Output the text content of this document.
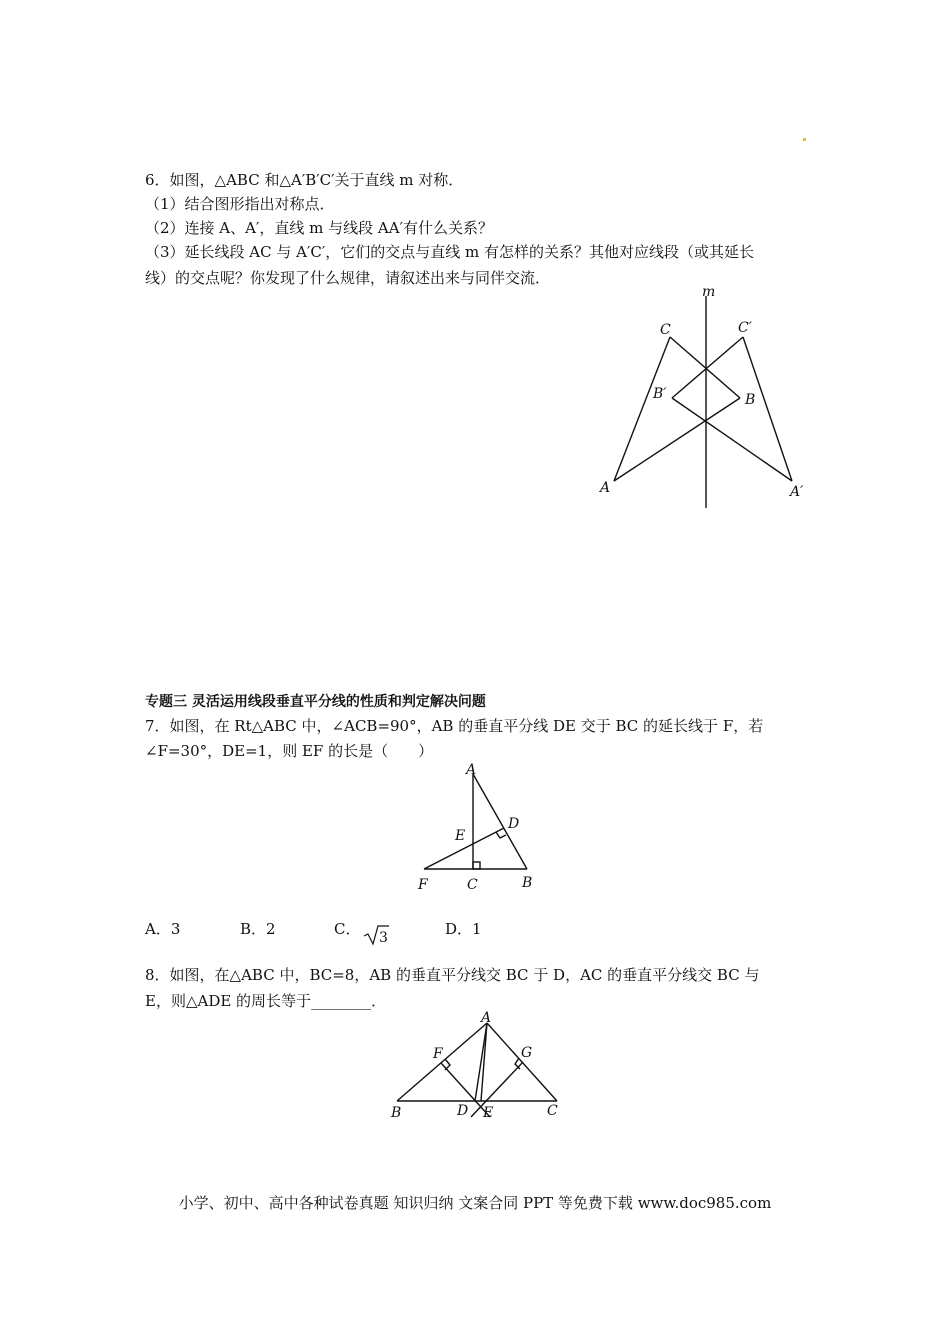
6．如图，△ABC 和△A′B′C′关于直线 m 对称．
（1）结合图形指出对称点．
（2）连接 A、A′，直线 m 与线段 AA′有什么关系？
（3）延长线段 AC 与 A′C′，它们的交点与直线 m 有怎样的关系？其他对应线段（或其延长
线）的交点呢？你发现了什么规律，请叙述出来与同伴交流．
m
C	C′
B′	B
A	A′
专题三 灵活运用线段垂直平分线的性质和判定解决问题
7．如图，在 Rt△ABC 中，∠ACB=90°，AB 的垂直平分线 DE 交于 BC 的延长线于 F，若
∠F=30°，DE=1，则 EF 的长是（　　）
A
D
E
F	C	B
A．3	B．2	C． 3	D．1
8．如图，在△ABC 中，BC=8，AB 的垂直平分线交 BC 于 D，AC 的垂直平分线交 BC 与
E，则△ADE 的周长等于________．
A
F	G
B	D E	C
小学、初中、高中各种试卷真题 知识归纳 文案合同 PPT 等免费下载 www.doc985.com
